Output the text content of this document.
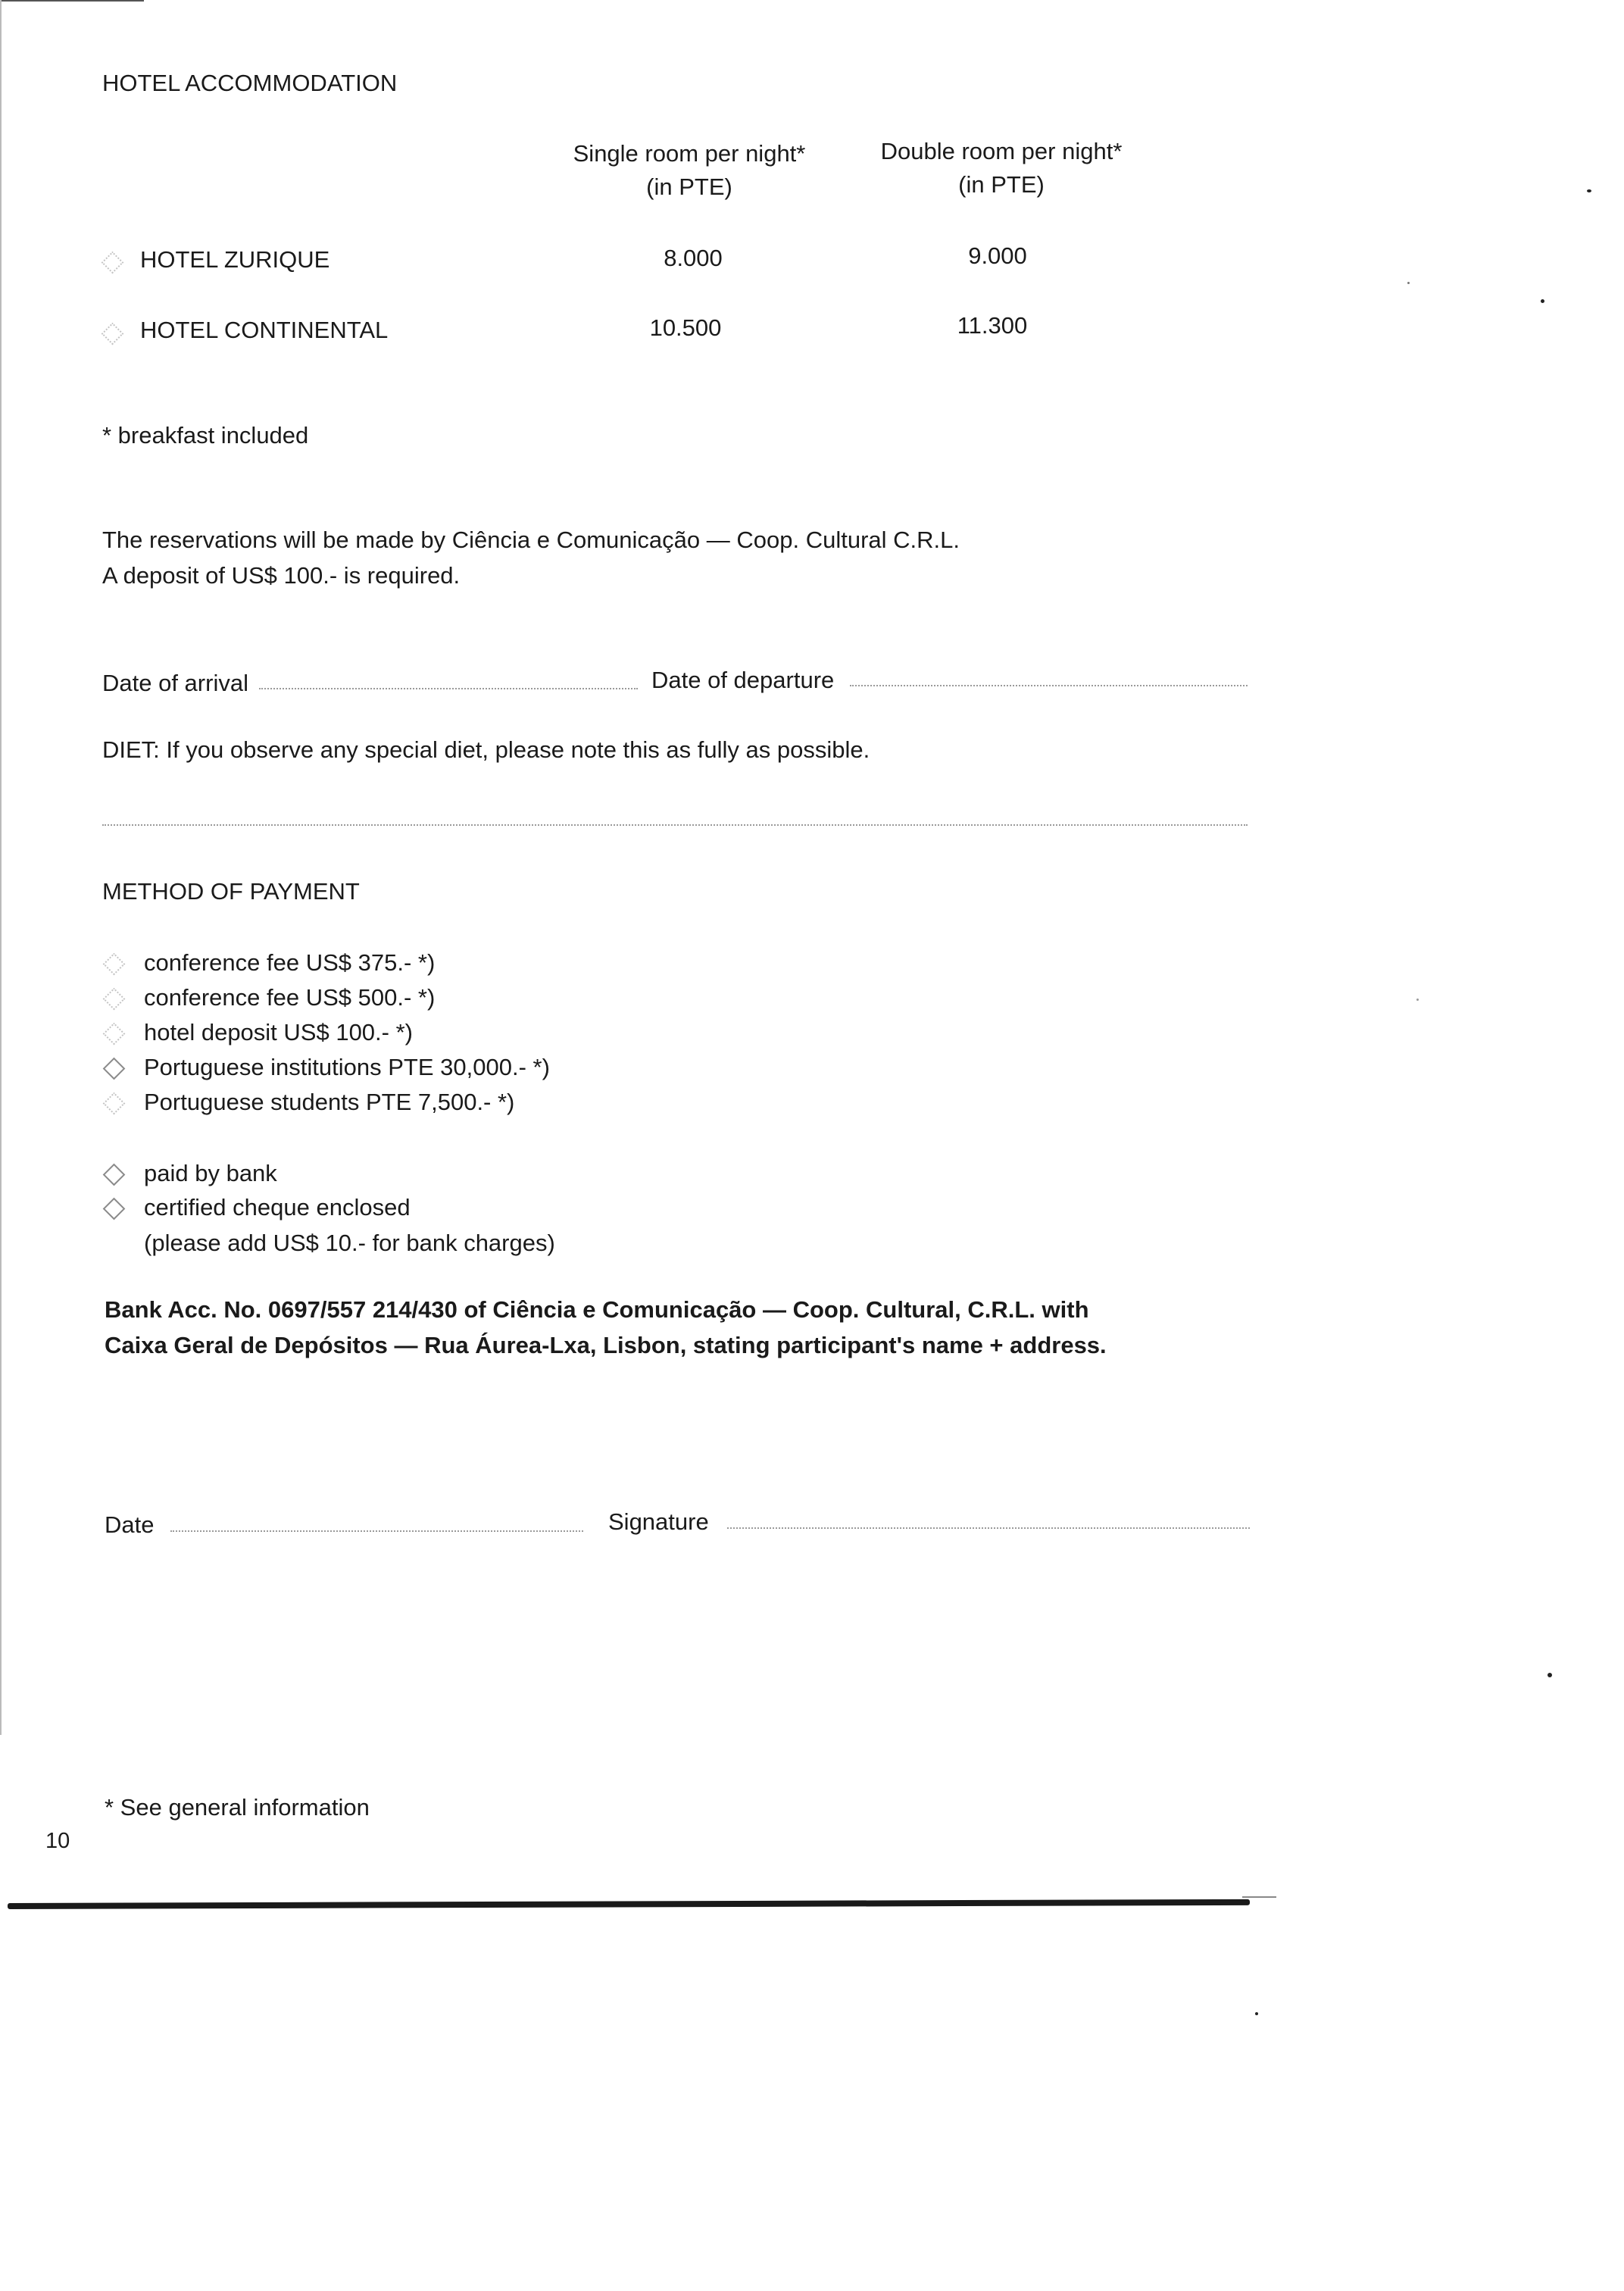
HOTEL ACCOMMODATION
Single room per night*
(in PTE)
Double room per night*
(in PTE)
HOTEL ZURIQUE	8.000	9.000
HOTEL CONTINENTAL	10.500	11.300
* breakfast included
The reservations will be made by Ciência e Comunicação — Coop. Cultural C.R.L.
A deposit of US$ 100.- is required.
Date of arrival	Date of departure
DIET: If you observe any special diet, please note this as fully as possible.
METHOD OF PAYMENT
conference fee US$ 375.- *)
conference fee US$ 500.- *)
hotel deposit US$ 100.- *)
Portuguese institutions PTE 30,000.- *)
Portuguese students PTE 7,500.- *)
paid by bank
certified cheque enclosed
(please add US$ 10.- for bank charges)
Bank Acc. No. 0697/557 214/430 of Ciência e Comunicação — Coop. Cultural, C.R.L. with
Caixa Geral de Depósitos — Rua Áurea-Lxa, Lisbon, stating participant's name + address.
Date	Signature
* See general information
10
